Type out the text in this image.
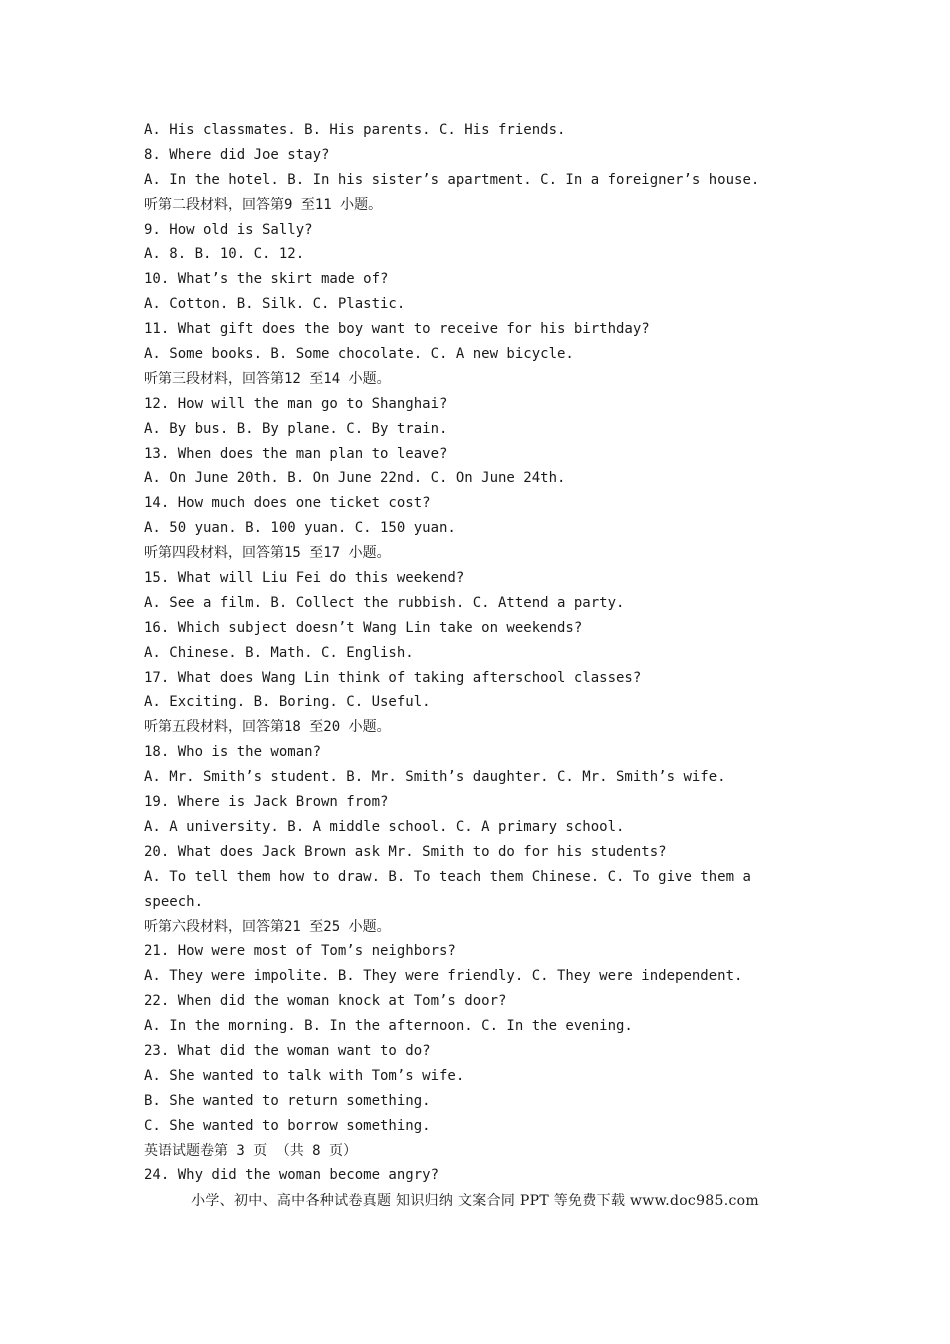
A. His classmates. B. His parents. C. His friends.
8. Where did Joe stay?
A. In the hotel. B. In his sister’s apartment. C. In a foreigner’s house.
听第二段材料，回答第9 至11 小题。
9. How old is Sally?
A. 8. B. 10. C. 12.
10. What’s the skirt made of?
A. Cotton. B. Silk. C. Plastic.
11. What gift does the boy want to receive for his birthday?
A. Some books. B. Some chocolate. C. A new bicycle.
听第三段材料，回答第12 至14 小题。
12. How will the man go to Shanghai?
A. By bus. B. By plane. C. By train.
13. When does the man plan to leave?
A. On June 20th. B. On June 22nd. C. On June 24th.
14. How much does one ticket cost?
A. 50 yuan. B. 100 yuan. C. 150 yuan.
听第四段材料，回答第15 至17 小题。
15. What will Liu Fei do this weekend?
A. See a film. B. Collect the rubbish. C. Attend a party.
16. Which subject doesn’t Wang Lin take on weekends?
A. Chinese. B. Math. C. English.
17. What does Wang Lin think of taking afterschool classes?
A. Exciting. B. Boring. C. Useful.
听第五段材料，回答第18 至20 小题。
18. Who is the woman?
A. Mr. Smith’s student. B. Mr. Smith’s daughter. C. Mr. Smith’s wife.
19. Where is Jack Brown from?
A. A university. B. A middle school. C. A primary school.
20. What does Jack Brown ask Mr. Smith to do for his students?
A. To tell them how to draw. B. To teach them Chinese. C. To give them a
speech.
听第六段材料，回答第21 至25 小题。
21. How were most of Tom’s neighbors?
A. They were impolite. B. They were friendly. C. They were independent.
22. When did the woman knock at Tom’s door?
A. In the morning. B. In the afternoon. C. In the evening.
23. What did the woman want to do?
A. She wanted to talk with Tom’s wife.
B. She wanted to return something.
C. She wanted to borrow something.
英语试题卷第 3 页 （共 8 页）
24. Why did the woman become angry?
小学、初中、高中各种试卷真题 知识归纳 文案合同 PPT 等免费下载 www.doc985.com
